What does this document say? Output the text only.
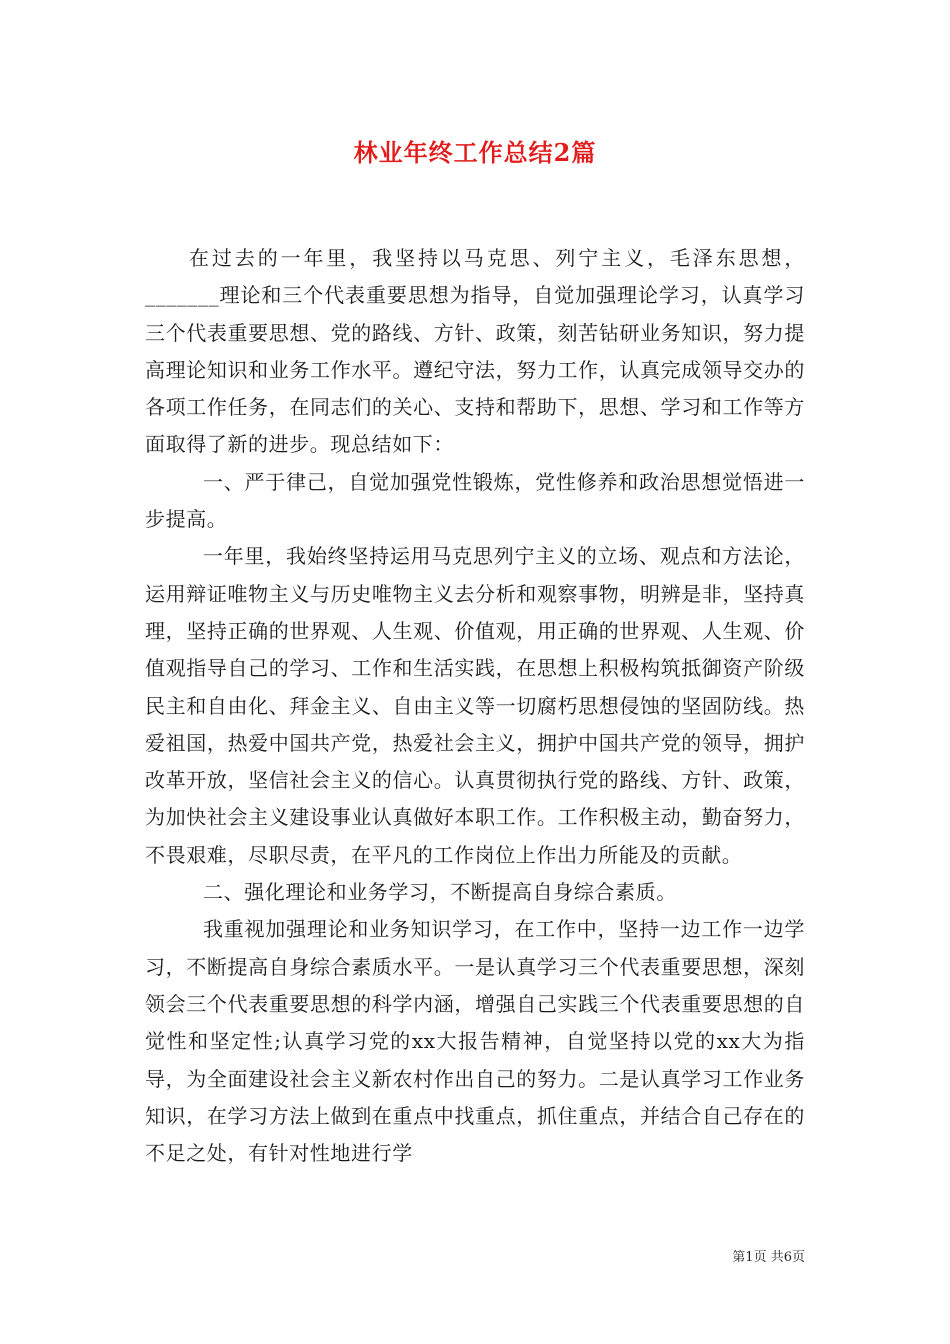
林业年终工作总结2篇

在过去的一年里，我坚持以马克思、列宁主义，毛泽东思想，_______理论和三个代表重要思想为指导，自觉加强理论学习，认真学习三个代表重要思想、党的路线、方针、政策，刻苦钻研业务知识，努力提高理论知识和业务工作水平。遵纪守法，努力工作，认真完成领导交办的各项工作任务，在同志们的关心、支持和帮助下，思想、学习和工作等方面取得了新的进步。现总结如下：

一、严于律己，自觉加强党性锻炼，党性修养和政治思想觉悟进一步提高。

一年里，我始终坚持运用马克思列宁主义的立场、观点和方法论，运用辩证唯物主义与历史唯物主义去分析和观察事物，明辨是非，坚持真理，坚持正确的世界观、人生观、价值观，用正确的世界观、人生观、价值观指导自己的学习、工作和生活实践，在思想上积极构筑抵御资产阶级民主和自由化、拜金主义、自由主义等一切腐朽思想侵蚀的坚固防线。热爱祖国，热爱中国共产党，热爱社会主义，拥护中国共产党的领导，拥护改革开放，坚信社会主义的信心。认真贯彻执行党的路线、方针、政策，为加快社会主义建设事业认真做好本职工作。工作积极主动，勤奋努力，不畏艰难，尽职尽责，在平凡的工作岗位上作出力所能及的贡献。

二、强化理论和业务学习，不断提高自身综合素质。

我重视加强理论和业务知识学习，在工作中，坚持一边工作一边学习，不断提高自身综合素质水平。一是认真学习三个代表重要思想，深刻领会三个代表重要思想的科学内涵，增强自己实践三个代表重要思想的自觉性和坚定性;认真学习党的xx大报告精神，自觉坚持以党的xx大为指导，为全面建设社会主义新农村作出自己的努力。二是认真学习工作业务知识，在学习方法上做到在重点中找重点，抓住重点，并结合自己存在的不足之处，有针对性地进行学

第1页 共6页
